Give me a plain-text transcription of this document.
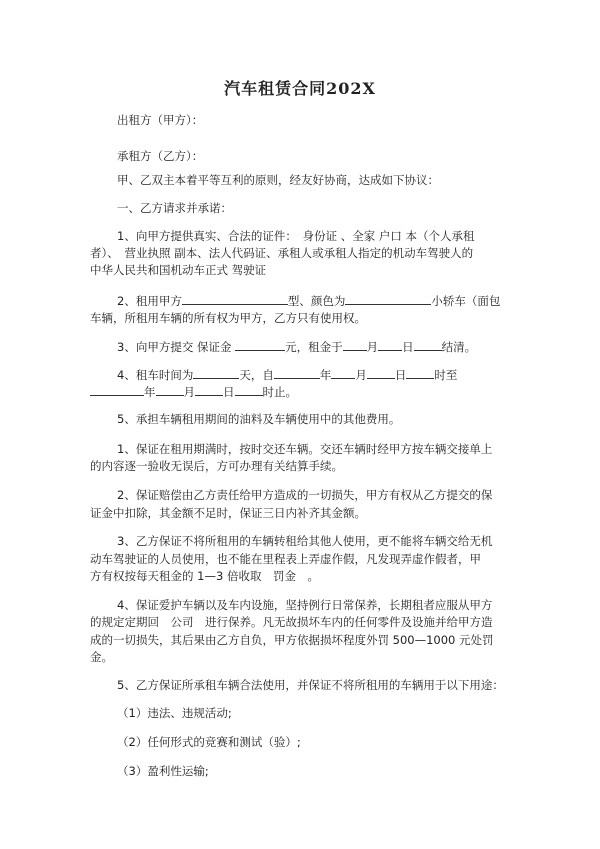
汽车租赁合同202X
出租方（甲方）：
承租方（乙方）：
甲、乙双主本着平等互利的原则，经友好协商，达成如下协议：
一、乙方请求并承诺：
1、向甲方提供真实、合法的证件：　身份证 、全家 户口 本（个人承租
者）、　营业执照 副本、法人代码证、承租人或承租人指定的机动车驾驶人的
中华人民共和国机动车正式 驾驶证
2、租用甲方	型、颜色为	小轿车（面包
车辆，所租用车辆的所有权为甲方，乙方只有使用权。
3、向甲方提交 保证金	元，租金于 月 日 结清。
4、租车时间为	天，自	年 月 日 时至
年 月 日 时止。
5、承担车辆租用期间的油料及车辆使用中的其他费用。
1、保证在租用期满时，按时交还车辆。交还车辆时经甲方按车辆交接单上
的内容逐一验收无误后，方可办理有关结算手续。
2、保证赔偿由乙方责任给甲方造成的一切损失，甲方有权从乙方提交的保
证金中扣除，其金额不足时，保证三日内补齐其金额。
3、乙方保证不将所租用的车辆转租给其他人使用，更不能将车辆交给无机
动车驾驶证的人员使用，也不能在里程表上弄虚作假，凡发现弄虚作假者，甲
方有权按每天租金的 1—3 倍收取　罚金　。
4、保证爱护车辆以及车内设施，坚持例行日常保养，长期租者应服从甲方
的规定定期回　公司　进行保养。凡无故损坏车内的任何零件及设施并给甲方造
成的一切损失，其后果由乙方自负，甲方依据损坏程度外罚 500—1000 元处罚
金。
5、乙方保证所承租车辆合法使用，并保证不将所租用的车辆用于以下用途：
（1）违法、违规活动;
（2）任何形式的竞赛和测试（验）;
（3）盈利性运输;
